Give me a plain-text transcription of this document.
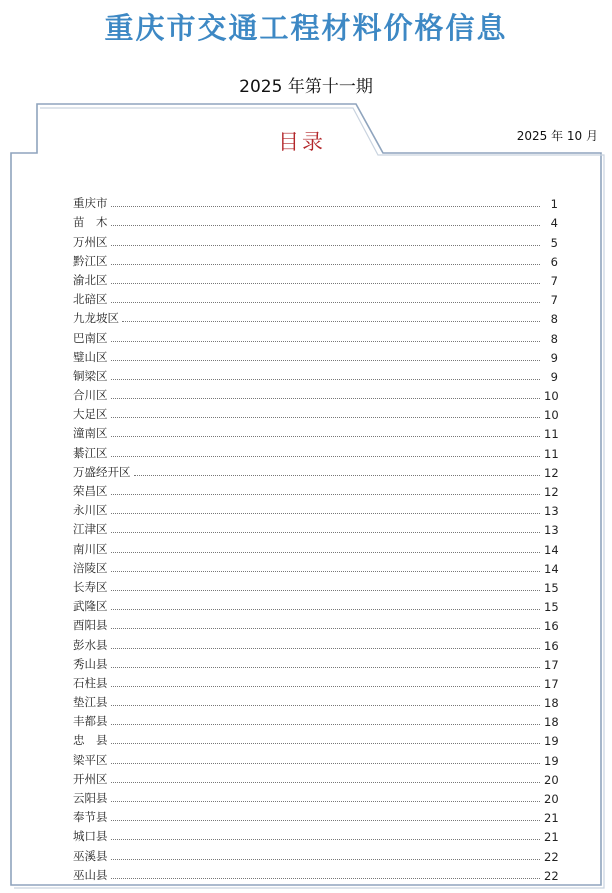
重庆市交通工程材料价格信息
2025 年第十一期
目录	2025 年 10 月
重庆市	1
苗　木	4
万州区	5
黔江区	6
渝北区	7
北碚区	7
九龙坡区	8
巴南区	8
璧山区	9
铜梁区	9
合川区	10
大足区	10
潼南区	11
綦江区	11
万盛经开区	12
荣昌区	12
永川区	13
江津区	13
南川区	14
涪陵区	14
长寿区	15
武隆区	15
酉阳县	16
彭水县	16
秀山县	17
石柱县	17
垫江县	18
丰都县	18
忠　县	19
梁平区	19
开州区	20
云阳县	20
奉节县	21
城口县	21
巫溪县	22
巫山县	22
